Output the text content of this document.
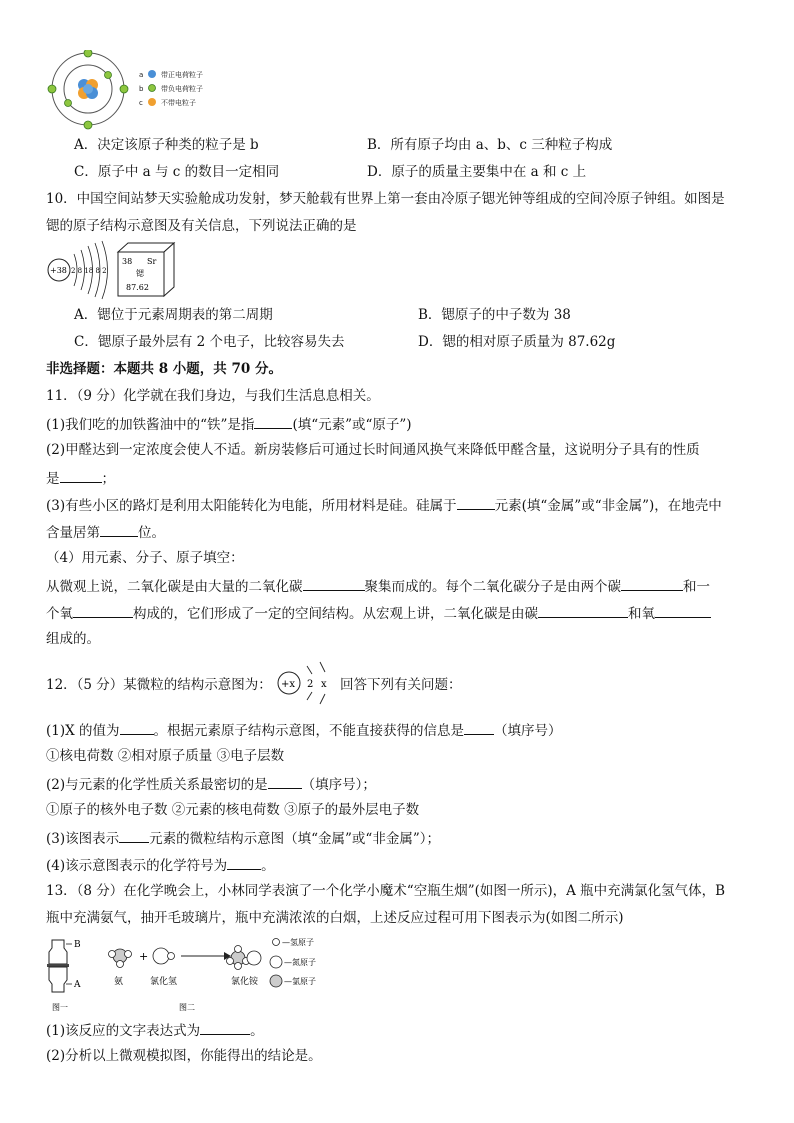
a	带正电荷粒子
b	带负电荷粒子
c	不带电粒子
A．决定该原子种类的粒子是 b	B．所有原子均由 a、b、c 三种粒子构成
C．原子中 a 与 c 的数目一定相同	D．原子的质量主要集中在 a 和 c 上
10．中国空间站梦天实验舱成功发射，梦天舱载有世界上第一套由冷原子锶光钟等组成的空间冷原子钟组。如图是
锶的原子结构示意图及有关信息，下列说法正确的是
+38 2 8 18 8 2
38 Sr
锶
87.62
A．锶位于元素周期表的第二周期	B．锶原子的中子数为 38
C．锶原子最外层有 2 个电子，比较容易失去	D．锶的相对原子质量为 87.62g
非选择题：本题共 8 小题，共 70 分。
11．（9 分）化学就在我们身边，与我们生活息息相关。
(1)我们吃的加铁酱油中的“铁”是指	(填“元素”或“原子”)
(2)甲醛达到一定浓度会使人不适。新房装修后可通过长时间通风换气来降低甲醛含量，这说明分子具有的性质
是	；
(3)有些小区的路灯是利用太阳能转化为电能，所用材料是硅。硅属于	元素(填“金属”或“非金属”)，在地壳中
含量居第	位。
（4）用元素、分子、原子填空：
从微观上说，二氧化碳是由大量的二氧化碳	聚集而成的。每个二氧化碳分子是由两个碳	和一
个氧	构成的，它们形成了一定的空间结构。从宏观上讲，二氧化碳是由碳	和氧
组成的。
12．（5 分）某微粒的结构示意图为： +x 2 x 回答下列有关问题：
(1)X 的值为	。根据元素原子结构示意图，不能直接获得的信息是 （填序号）
①核电荷数 ②相对原子质量 ③电子层数
(2)与元素的化学性质关系最密切的是	（填序号）；
①原子的核外电子数 ②元素的核电荷数 ③原子的最外层电子数
(3)该图表示 元素的微粒结构示意图（填“金属”或“非金属”）；
(4)该示意图表示的化学符号为	。
13．（8 分）在化学晚会上，小林同学表演了一个化学小魔术“空瓶生烟”(如图一所示)，A 瓶中充满氯化氢气体，B
瓶中充满氨气，抽开毛玻璃片，瓶中充满浓浓的白烟，上述反应过程可用下图表示为(如图二所示)
B
A
图一
氨
+
氯化氢	氯化铵
图二
—氢原子
—氮原子
—氯原子
(1)该反应的文字表达式为	。
(2)分析以上微观模拟图，你能得出的结论是。
